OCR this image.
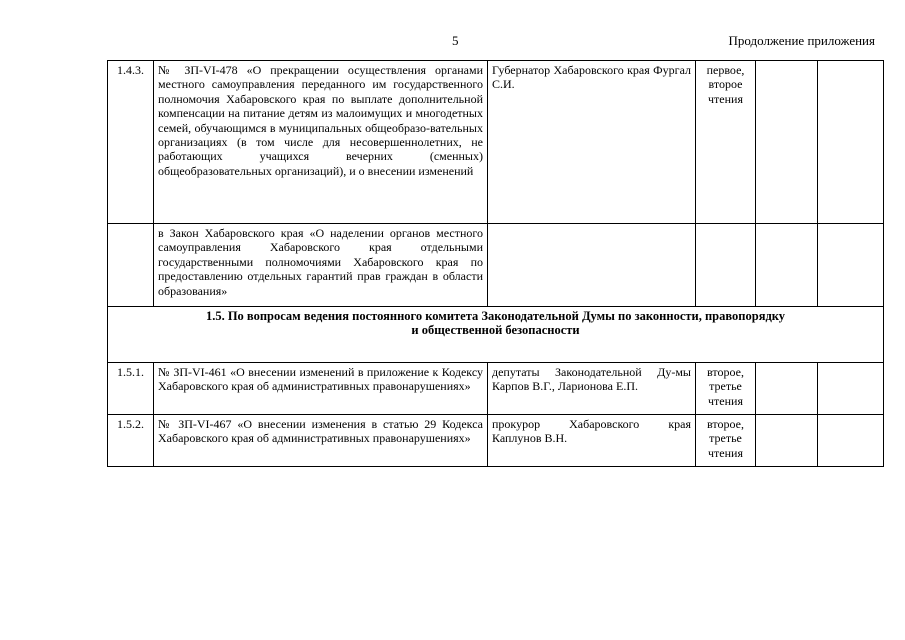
5	Продолжение приложения
1.4.3.	№ ЗП-VI-478 «О прекращении осуществления органами местного самоуправления переданного им государственного полномочия Хабаровского края по выплате дополнительной компенсации на питание детям из малоимущих и многодетных семей, обучающимся в муниципальных общеобразо-вательных организациях (в том числе для несовершеннолетних, не работающих учащихся вечерних (сменных) общеобразовательных организаций), и о внесении изменений	Губернатор Хабаровского края Фургал С.И.	первое, второе чтения		
	в Закон Хабаровского края «О наделении органов местного самоуправления Хабаровского края отдельными государственными полномочиями Хабаровского края по предоставлению отдельных гарантий прав граждан в области образования»				

1.5. По вопросам ведения постоянного комитета Законодательной Думы по законности, правопорядку
и общественной безопасности					

1.5.1.	№ ЗП-VI-461 «О внесении изменений в приложение к Кодексу Хабаровского края об административных правонарушениях»	депутаты Законодательной Ду-мы Карпов В.Г., Ларионова Е.П.	второе, третье чтения		
1.5.2.	№ ЗП-VI-467 «О внесении изменения в статью 29 Кодекса Хабаровского края об административных правонарушениях»	прокурор Хабаровского края Каплунов В.Н.	второе, третье чтения		
